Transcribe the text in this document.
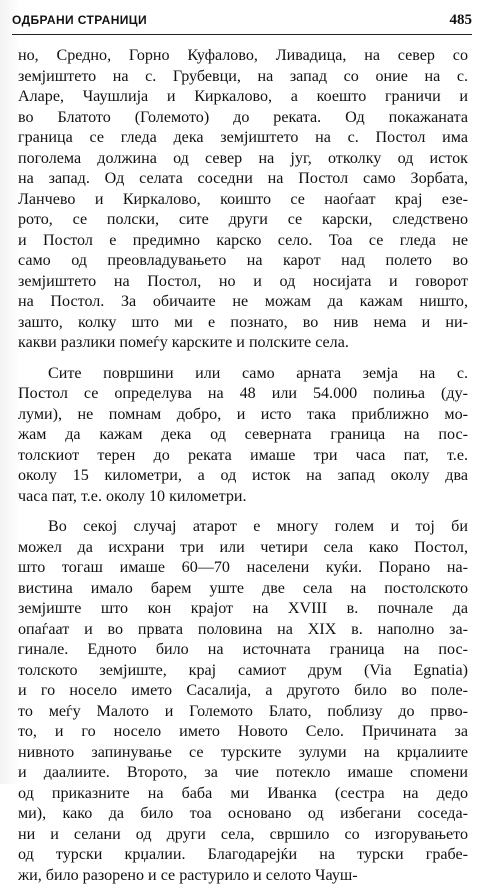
ОДБРАНИ СТРАНИЦИ	485
но, Средно, Горно Куфалово, Ливадица, на север со
земјиштето на с. Грубевци, на запад со оние на с.
Аларе, Чаушлија и Киркалово, а коешто граничи и
во Блатото (Големото) до реката. Од покажаната
граница се гледа дека земјиштето на с. Постол има
поголема должина од север на југ, отколку од исток
на запад. Од селата соседни на Постол само Зорбата,
Ланчево и Киркалово, коишто се наоѓаат крај езе-
рото, се полски, сите други се карски, следствено
и Постол е предимно карско село. Тоа се гледа не
само од преовладувањето на карот над полето во
земјиштето на Постол, но и од носијата и говорот
на Постол. За обичаите не можам да кажам ништо,
зашто, колку што ми е познато, во нив нема и ни-
какви разлики помеѓу карските и полските села.
Сите површини или само арната земја на с.
Постол се определува на 48 или 54.000 полиња (ду-
луми), не помнам добро, и исто така приближно мо-
жам да кажам дека од северната граница на пос-
толскиот терен до реката имаше три часа пат, т.е.
околу 15 километри, а од исток на запад околу два
часа пат, т.е. околу 10 километри.
Во секој случај атарот е многу голем и тој би
можел да исхрани три или четири села како Постол,
што тогаш имаше 60—70 населени куќи. Порано на-
вистина имало барем уште две села на постолското
земјиште што кон крајот на XVIII в. почнале да
опаѓаат и во првата половина на XIX в. наполно за-
гинале. Едното било на источната граница на пос-
толското земјиште, крај самиот друм (Via Egnatia)
и го носело името Сасалија, а другото било во поле-
то меѓу Малото и Големото Блато, поблизу до прво-
то, и го носело името Новото Село. Причината за
нивното запинување се турските зулуми на крџалиите
и даалиите. Второто, за чие потекло имаше спомени
од приказните на баба ми Иванка (сестра на дедо
ми), како да било тоа основано од избегани соседа-
ни и селани од други села, свршило со изгорувањето
од турски крџалии. Благодарејќи на турски грабе-
жи, било разорено и се растурило и селото Чауш-
